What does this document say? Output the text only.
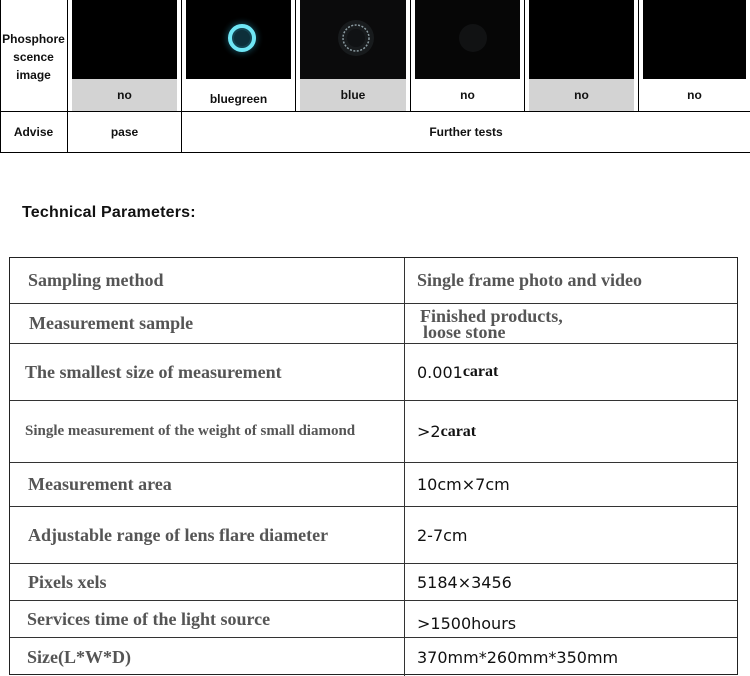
Phosphore
scence
image
no	bluegreen	blue	no	no	no
Advise	pase	Further tests
Technical Parameters:
Sampling method	Single frame photo and video
Measurement sample	Finished products,
loose stone
The smallest size of measurement	0.001 carat
Single measurement of the weight of small diamond	>2 carat
Measurement area	10cm×7cm
Adjustable range of lens flare diameter	2-7cm
Pixels xels	5184×3456
Services time of the light source	>1500hours
Size(L*W*D)	370mm*260mm*350mm
